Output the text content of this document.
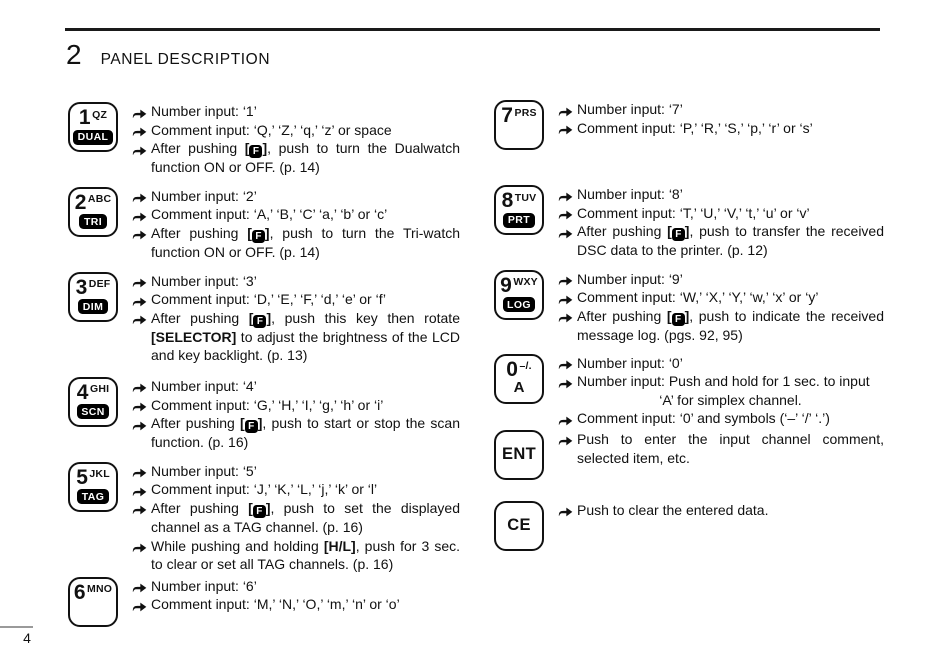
2 PANEL DESCRIPTION
1 QZ
DUAL
Number input: ‘1’
Comment input: ‘Q,’ ‘Z,’ ‘q,’ ‘z’ or space
After pushing [ F ], push to turn the Dualwatch function ON or OFF. (p. 14)
2 ABC
TRI
Number input: ‘2’
Comment input: ‘A,’ ‘B,’ ‘C’ ‘a,’ ‘b’ or ‘c’
After pushing [ F ], push to turn the Tri-watch function ON or OFF. (p. 14)
3 DEF
DIM
Number input: ‘3’
Comment input: ‘D,’ ‘E,’ ‘F,’ ‘d,’ ‘e’ or ‘f’
After pushing [ F ], push this key then rotate [SELECTOR] to adjust the brightness of the LCD and key backlight. (p. 13)
4 GHI
SCN
Number input: ‘4’
Comment input: ‘G,’ ‘H,’ ‘I,’ ‘g,’ ‘h’ or ‘i’
After pushing [ F ], push to start or stop the scan function. (p. 16)
5 JKL
TAG
Number input: ‘5’
Comment input: ‘J,’ ‘K,’ ‘L,’ ‘j,’ ‘k’ or ‘l’
After pushing [ F ], push to set the displayed channel as a TAG channel. (p. 16)
While pushing and holding [H/L], push for 3 sec. to clear or set all TAG channels. (p. 16)
6 MNO	Number input: ‘6’
Comment input: ‘M,’ ‘N,’ ‘O,’ ‘m,’ ‘n’ or ‘o’
7 PRS	Number input: ‘7’
Comment input: ‘P,’ ‘R,’ ‘S,’ ‘p,’ ‘r’ or ‘s’
8 TUV
PRT
Number input: ‘8’
Comment input: ‘T,’ ‘U,’ ‘V,’ ‘t,’ ‘u’ or ‘v’
After pushing [ F ], push to transfer the received DSC data to the printer. (p. 12)
9 WXY
LOG
Number input: ‘9’
Comment input: ‘W,’ ‘X,’ ‘Y,’ ‘w,’ ‘x’ or ‘y’
After pushing [ F ], push to indicate the received message log. (pgs. 92, 95)
0 –/.
A
Number input: ‘0’
Number input: Push and hold for 1 sec. to input
‘A’ for simplex channel.
Comment input: ‘0’ and symbols (‘–’ ‘/’ ‘.’)
ENT
Push to enter the input channel comment, selected item, etc.
CE
Push to clear the entered data.
4
